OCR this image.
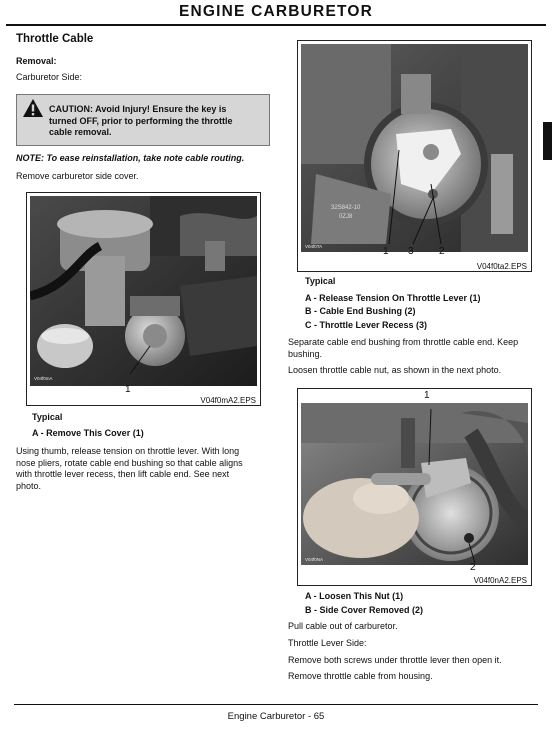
ENGINE CARBURETOR
Throttle Cable
Removal:
Carburetor Side:
CAUTION: Avoid Injury! Ensure the key is
turned OFF, prior to performing the throttle
cable removal.
NOTE: To ease reinstallation, take note cable routing.
Remove carburetor side cover.
V04f0mA
1
V04f0mA2.EPS
Typical
A - Remove This Cover (1)
Using thumb, release tension on throttle lever. With long
nose pliers, rotate cable end bushing so that cable aligns
with throttle lever recess, then lift cable end. See next
photo.
32S842-10
0ZJ8
V04f0TA	1 3	2
V04f0ta2.EPS
Typical
A - Release Tension On Throttle Lever (1)
B - Cable End Bushing (2)
C - Throttle Lever Recess (3)
Separate cable end bushing from throttle cable end. Keep
bushing.
Loosen throttle cable nut, as shown in the next photo.
V04f0NA
1
2
V04f0nA2.EPS
A - Loosen This Nut (1)
B - Side Cover Removed (2)
Pull cable out of carburetor.
Throttle Lever Side:
Remove both screws under throttle lever then open it.
Remove throttle cable from housing.
Engine Carburetor - 65
